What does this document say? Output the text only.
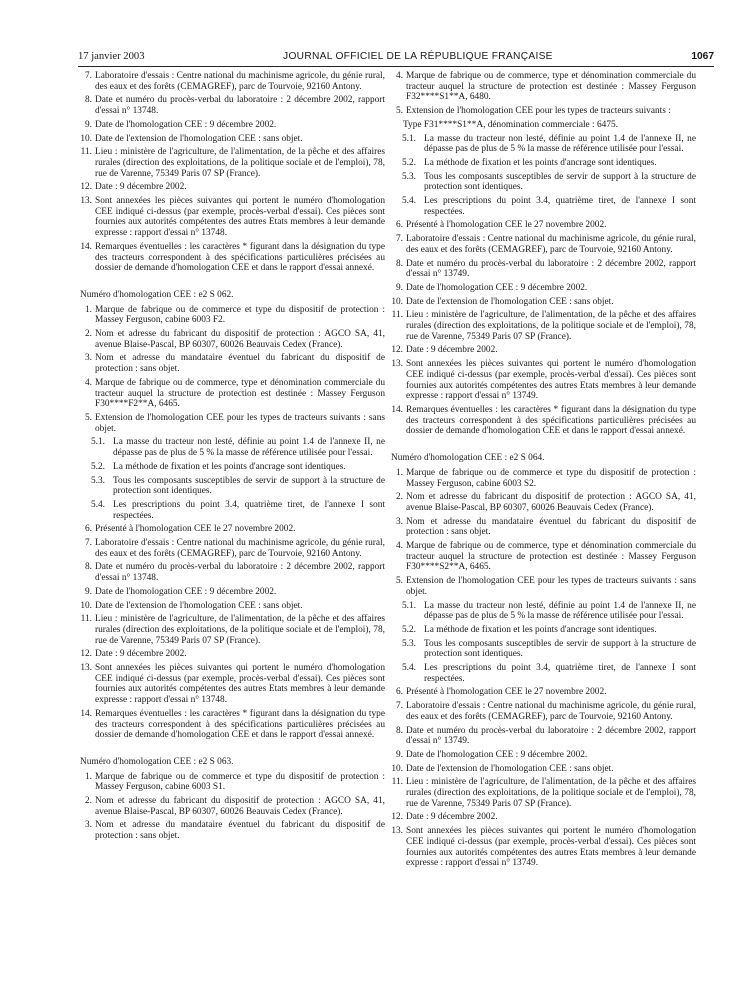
17 janvier 2003	JOURNAL OFFICIEL DE LA RÉPUBLIQUE FRANÇAISE	1067
7. Laboratoire d'essais : Centre national du machinisme agricole, du génie rural, des eaux et des forêts (CEMAGREF), parc de Tourvoie, 92160 Antony.
8. Date et numéro du procès-verbal du laboratoire : 2 décembre 2002, rapport d'essai n° 13748.
9. Date de l'homologation CEE : 9 décembre 2002.
10. Date de l'extension de l'homologation CEE : sans objet.
11. Lieu : ministère de l'agriculture, de l'alimentation, de la pêche et des affaires rurales (direction des exploitations, de la politique sociale et de l'emploi), 78, rue de Varenne, 75349 Paris 07 SP (France).
12. Date : 9 décembre 2002.
13. Sont annexées les pièces suivantes qui portent le numéro d'homologation CEE indiqué ci-dessus (par exemple, procès-verbal d'essai). Ces pièces sont fournies aux autorités compétentes des autres Etats membres à leur demande expresse : rapport d'essai n° 13748.
14. Remarques éventuelles : les caractères * figurant dans la désignation du type des tracteurs correspondent à des spécifications particulières précisées au dossier de demande d'homologation CEE et dans le rapport d'essai annexé.
Numéro d'homologation CEE : e2 S 062.
1. Marque de fabrique ou de commerce et type du dispositif de protection : Massey Ferguson, cabine 6003 F2.
2. Nom et adresse du fabricant du dispositif de protection : AGCO SA, 41, avenue Blaise-Pascal, BP 60307, 60026 Beauvais Cedex (France).
3. Nom et adresse du mandataire éventuel du fabricant du dispositif de protection : sans objet.
4. Marque de fabrique ou de commerce, type et dénomination commerciale du tracteur auquel la structure de protection est destinée : Massey Ferguson F30****F2**A, 6465.
5. Extension de l'homologation CEE pour les types de tracteurs suivants : sans objet.
5.1. La masse du tracteur non lesté, définie au point 1.4 de l'annexe II, ne dépasse pas de plus de 5 % la masse de référence utilisée pour l'essai.
5.2. La méthode de fixation et les points d'ancrage sont identiques.
5.3. Tous les composants susceptibles de servir de support à la structure de protection sont identiques.
5.4. Les prescriptions du point 3.4, quatrième tiret, de l'annexe I sont respectées.
6. Présenté à l'homologation CEE le 27 novembre 2002.
7. Laboratoire d'essais : Centre national du machinisme agricole, du génie rural, des eaux et des forêts (CEMAGREF), parc de Tourvoie, 92160 Antony.
8. Date et numéro du procès-verbal du laboratoire : 2 décembre 2002, rapport d'essai n° 13748.
9. Date de l'homologation CEE : 9 décembre 2002.
10. Date de l'extension de l'homologation CEE : sans objet.
11. Lieu : ministère de l'agriculture, de l'alimentation, de la pêche et des affaires rurales (direction des exploitations, de la politique sociale et de l'emploi), 78, rue de Varenne, 75349 Paris 07 SP (France).
12. Date : 9 décembre 2002.
13. Sont annexées les pièces suivantes qui portent le numéro d'homologation CEE indiqué ci-dessus (par exemple, procès-verbal d'essai). Ces pièces sont fournies aux autorités compétentes des autres Etats membres à leur demande expresse : rapport d'essai n° 13748.
14. Remarques éventuelles : les caractères * figurant dans la désignation du type des tracteurs correspondent à des spécifications particulières précisées au dossier de demande d'homologation CEE et dans le rapport d'essai annexé.
Numéro d'homologation CEE : e2 S 063.
1. Marque de fabrique ou de commerce et type du dispositif de protection : Massey Ferguson, cabine 6003 S1.
2. Nom et adresse du fabricant du dispositif de protection : AGCO SA, 41, avenue Blaise-Pascal, BP 60307, 60026 Beauvais Cedex (France).
3. Nom et adresse du mandataire éventuel du fabricant du dispositif de protection : sans objet.
4. Marque de fabrique ou de commerce, type et dénomination commerciale du tracteur auquel la structure de protection est destinée : Massey Ferguson F32****S1**A, 6480.
5. Extension de l'homologation CEE pour les types de tracteurs suivants :
Type F31****S1**A, dénomination commerciale : 6475.
5.1. La masse du tracteur non lesté, définie au point 1.4 de l'annexe II, ne dépasse pas de plus de 5 % la masse de référence utilisée pour l'essai.
5.2. La méthode de fixation et les points d'ancrage sont identiques.
5.3. Tous les composants susceptibles de servir de support à la structure de protection sont identiques.
5.4. Les prescriptions du point 3.4, quatrième tiret, de l'annexe I sont respectées.
6. Présenté à l'homologation CEE le 27 novembre 2002.
7. Laboratoire d'essais : Centre national du machinisme agricole, du génie rural, des eaux et des forêts (CEMAGREF), parc de Tourvoie, 92160 Antony.
8. Date et numéro du procès-verbal du laboratoire : 2 décembre 2002, rapport d'essai n° 13749.
9. Date de l'homologation CEE : 9 décembre 2002.
10. Date de l'extension de l'homologation CEE : sans objet.
11. Lieu : ministère de l'agriculture, de l'alimentation, de la pêche et des affaires rurales (direction des exploitations, de la politique sociale et de l'emploi), 78, rue de Varenne, 75349 Paris 07 SP (France).
12. Date : 9 décembre 2002.
13. Sont annexées les pièces suivantes qui portent le numéro d'homologation CEE indiqué ci-dessus (par exemple, procès-verbal d'essai). Ces pièces sont fournies aux autorités compétentes des autres Etats membres à leur demande expresse : rapport d'essai n° 13749.
14. Remarques éventuelles : les caractères * figurant dans la désignation du type des tracteurs correspondent à des spécifications particulières précisées au dossier de demande d'homologation CEE et dans le rapport d'essai annexé.
Numéro d'homologation CEE : e2 S 064.
1. Marque de fabrique ou de commerce et type du dispositif de protection : Massey Ferguson, cabine 6003 S2.
2. Nom et adresse du fabricant du dispositif de protection : AGCO SA, 41, avenue Blaise-Pascal, BP 60307, 60026 Beauvais Cedex (France).
3. Nom et adresse du mandataire éventuel du fabricant du dispositif de protection : sans objet.
4. Marque de fabrique ou de commerce, type et dénomination commerciale du tracteur auquel la structure de protection est destinée : Massey Ferguson F30****S2**A, 6465.
5. Extension de l'homologation CEE pour les types de tracteurs suivants : sans objet.
5.1. La masse du tracteur non lesté, définie au point 1.4 de l'annexe II, ne dépasse pas de plus de 5 % la masse de référence utilisée pour l'essai.
5.2. La méthode de fixation et les points d'ancrage sont identiques.
5.3. Tous les composants susceptibles de servir de support à la structure de protection sont identiques.
5.4. Les prescriptions du point 3.4, quatrième tiret, de l'annexe I sont respectées.
6. Présenté à l'homologation CEE le 27 novembre 2002.
7. Laboratoire d'essais : Centre national du machinisme agricole, du génie rural, des eaux et des forêts (CEMAGREF), parc de Tourvoie, 92160 Antony.
8. Date et numéro du procès-verbal du laboratoire : 2 décembre 2002, rapport d'essai n° 13749.
9. Date de l'homologation CEE : 9 décembre 2002.
10. Date de l'extension de l'homologation CEE : sans objet.
11. Lieu : ministère de l'agriculture, de l'alimentation, de la pêche et des affaires rurales (direction des exploitations, de la politique sociale et de l'emploi), 78, rue de Varenne, 75349 Paris 07 SP (France).
12. Date : 9 décembre 2002.
13. Sont annexées les pièces suivantes qui portent le numéro d'homologation CEE indiqué ci-dessus (par exemple, procès-verbal d'essai). Ces pièces sont fournies aux autorités compétentes des autres Etats membres à leur demande expresse : rapport d'essai n° 13749.
